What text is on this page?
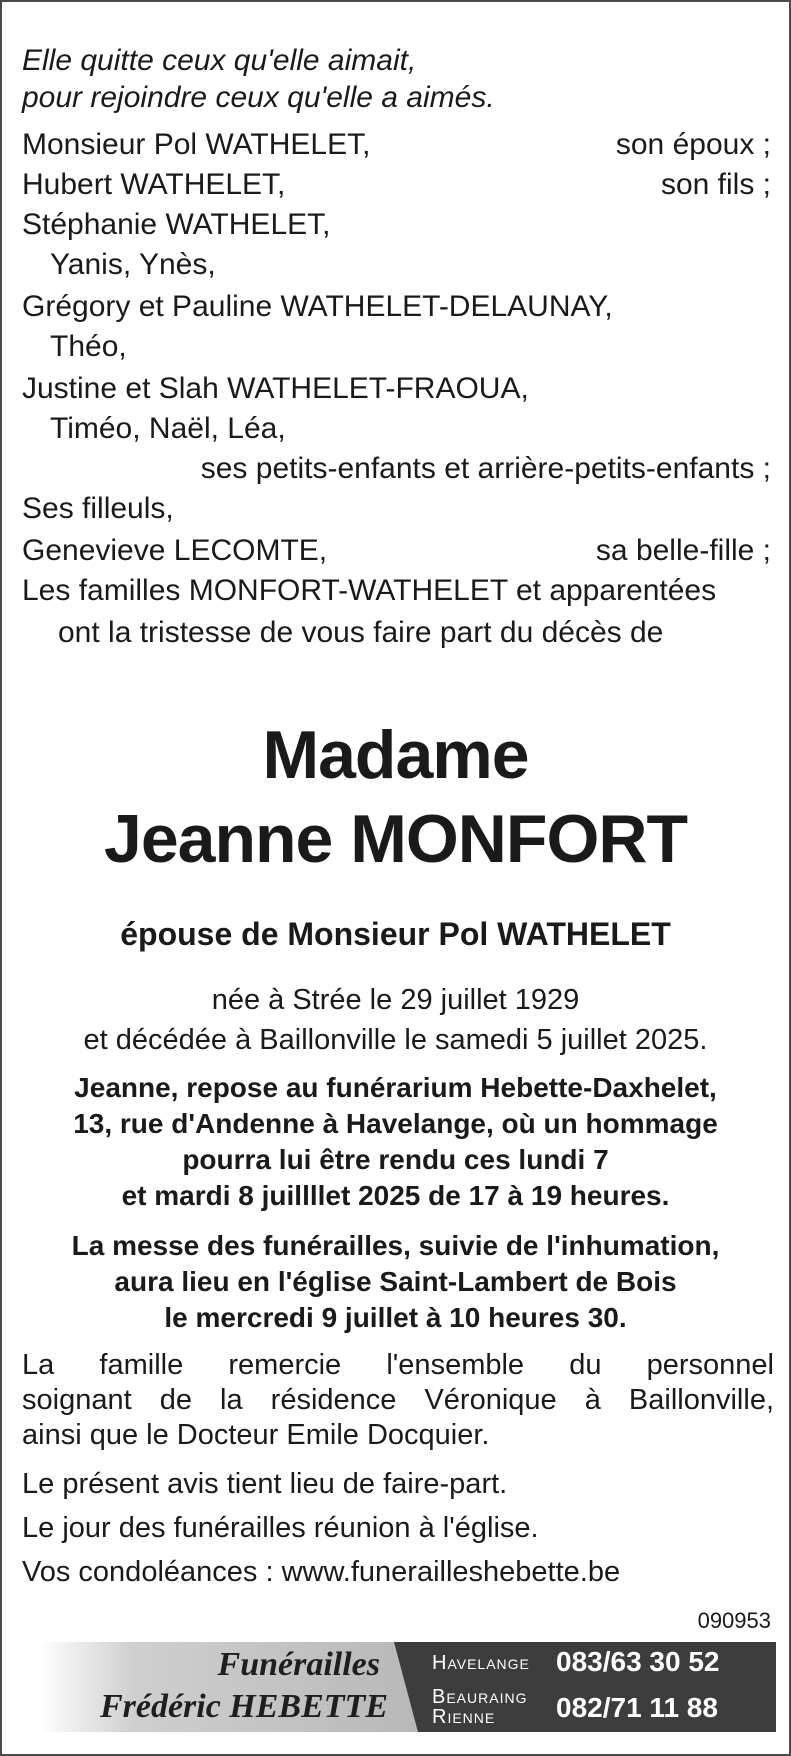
Elle quitte ceux qu'elle aimait,
pour rejoindre ceux qu'elle a aimés.
Monsieur Pol WATHELET,	son époux ;
Hubert WATHELET,	son fils ;
Stéphanie WATHELET,
Yanis, Ynès,
Grégory et Pauline WATHELET-DELAUNAY,
Théo,
Justine et Slah WATHELET-FRAOUA,
Timéo, Naël, Léa,
ses petits-enfants et arrière-petits-enfants ;
Ses filleuls,
Genevieve LECOMTE,	sa belle-fille ;
Les familles MONFORT-WATHELET et apparentées
ont la tristesse de vous faire part du décès de
Madame
Jeanne MONFORT
épouse de Monsieur Pol WATHELET
née à Strée le 29 juillet 1929
et décédée à Baillonville le samedi 5 juillet 2025.
Jeanne, repose au funérarium Hebette-Daxhelet,
13, rue d'Andenne à Havelange, où un hommage
pourra lui être rendu ces lundi 7
et mardi 8 juillllet 2025 de 17 à 19 heures.
La messe des funérailles, suivie de l'inhumation,
aura lieu en l'église Saint-Lambert de Bois
le mercredi 9 juillet à 10 heures 30.
La famille remercie l'ensemble du personnel
soignant de la résidence Véronique à Baillonville,
ainsi que le Docteur Emile Docquier.
Le présent avis tient lieu de faire-part.
Le jour des funérailles réunion à l'église.
Vos condoléances : www.funerailleshebette.be
090953
Funérailles
Frédéric HEBETTE
Havelange 083/63 30 52
Beauraing
Rienne 082/71 11 88
